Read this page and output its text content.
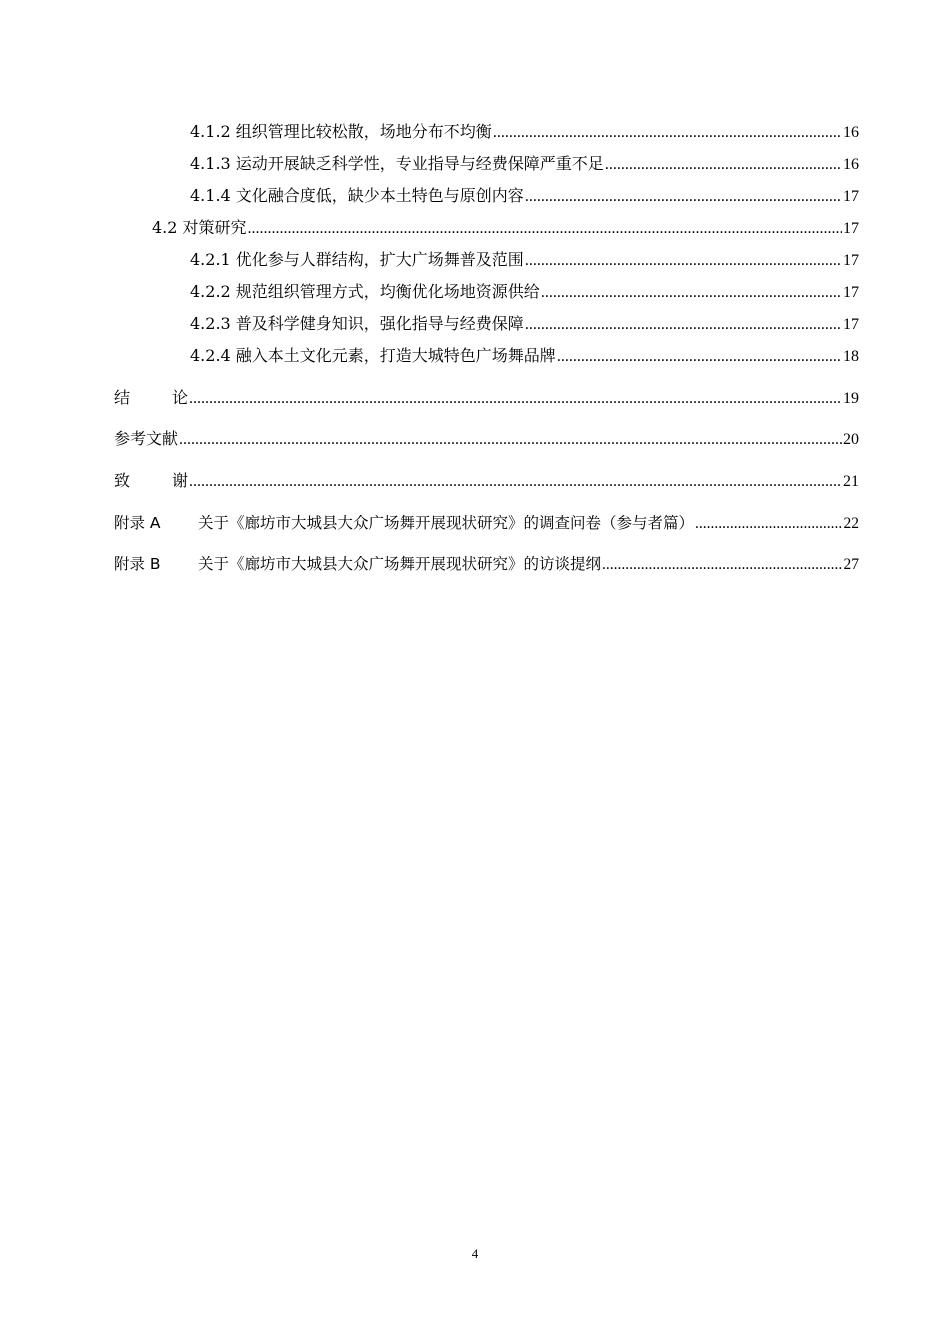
4.1.2 组织管理比较松散，场地分布不均衡 .....	16
4.1.3 运动开展缺乏科学性，专业指导与经费保障严重不足 .....	16
4.1.4 文化融合度低，缺少本土特色与原创内容 .....	17
4.2 对策研究 .....	17
4.2.1 优化参与人群结构，扩大广场舞普及范围 .....	17
4.2.2 规范组织管理方式，均衡优化场地资源供给 .....	17
4.2.3 普及科学健身知识，强化指导与经费保障 .....	17
4.2.4 融入本土文化元素，打造大城特色广场舞品牌 .....	18
结	论 .....	19
参考文献 .....	20
致	谢 .....	21
附录 A 关于《廊坊市大城县大众广场舞开展现状研究》的调查问卷（参与者篇） .....	22
附录 B 关于《廊坊市大城县大众广场舞开展现状研究》的访谈提纲 .....	27
4
